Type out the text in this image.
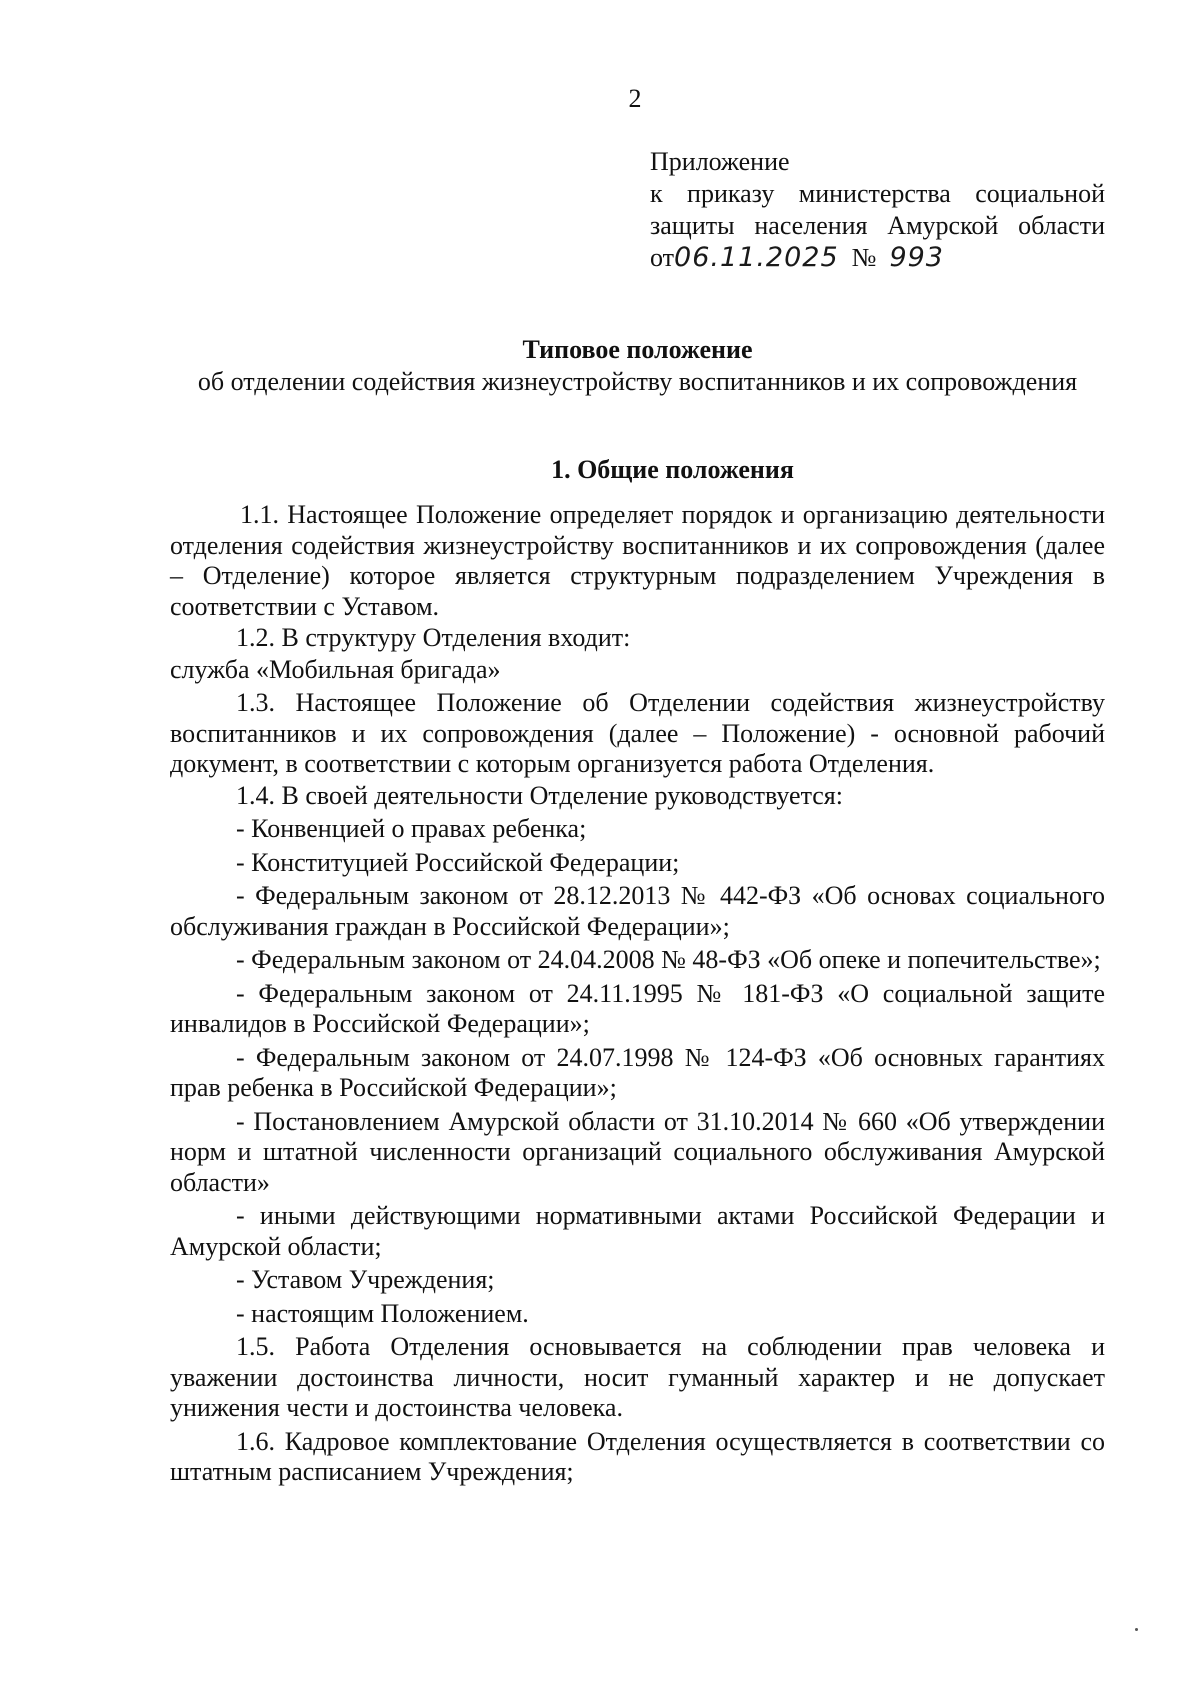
2
Приложение
к приказу министерства социальной
защиты населения Амурской области
от06.11.2025 № 993
Типовое положение
об отделении содействия жизнеустройству воспитанников и их сопровождения
1. Общие положения
1.1. Настоящее Положение определяет порядок и организацию деятельности отделения содействия жизнеустройству воспитанников и их сопровождения (далее – Отделение) которое является структурным подразделением Учреждения в соответствии с Уставом.
1.2. В структуру Отделения входит:
служба «Мобильная бригада»
1.3. Настоящее Положение об Отделении содействия жизнеустройству воспитанников и их сопровождения (далее – Положение) - основной рабочий документ, в соответствии с которым организуется работа Отделения.
1.4. В своей деятельности Отделение руководствуется:
- Конвенцией о правах ребенка;
- Конституцией Российской Федерации;
- Федеральным законом от 28.12.2013 № 442-ФЗ «Об основах социального обслуживания граждан в Российской Федерации»;
- Федеральным законом от 24.04.2008 № 48-ФЗ «Об опеке и попечительстве»;
- Федеральным законом от 24.11.1995 № 181-ФЗ «О социальной защите инвалидов в Российской Федерации»;
- Федеральным законом от 24.07.1998 № 124-ФЗ «Об основных гарантиях прав ребенка в Российской Федерации»;
- Постановлением Амурской области от 31.10.2014 № 660 «Об утверждении норм и штатной численности организаций социального обслуживания Амурской области»
- иными действующими нормативными актами Российской Федерации и Амурской области;
- Уставом Учреждения;
- настоящим Положением.
1.5. Работа Отделения основывается на соблюдении прав человека и уважении достоинства личности, носит гуманный характер и не допускает унижения чести и достоинства человека.
1.6. Кадровое комплектование Отделения осуществляется в соответствии со штатным расписанием Учреждения;
